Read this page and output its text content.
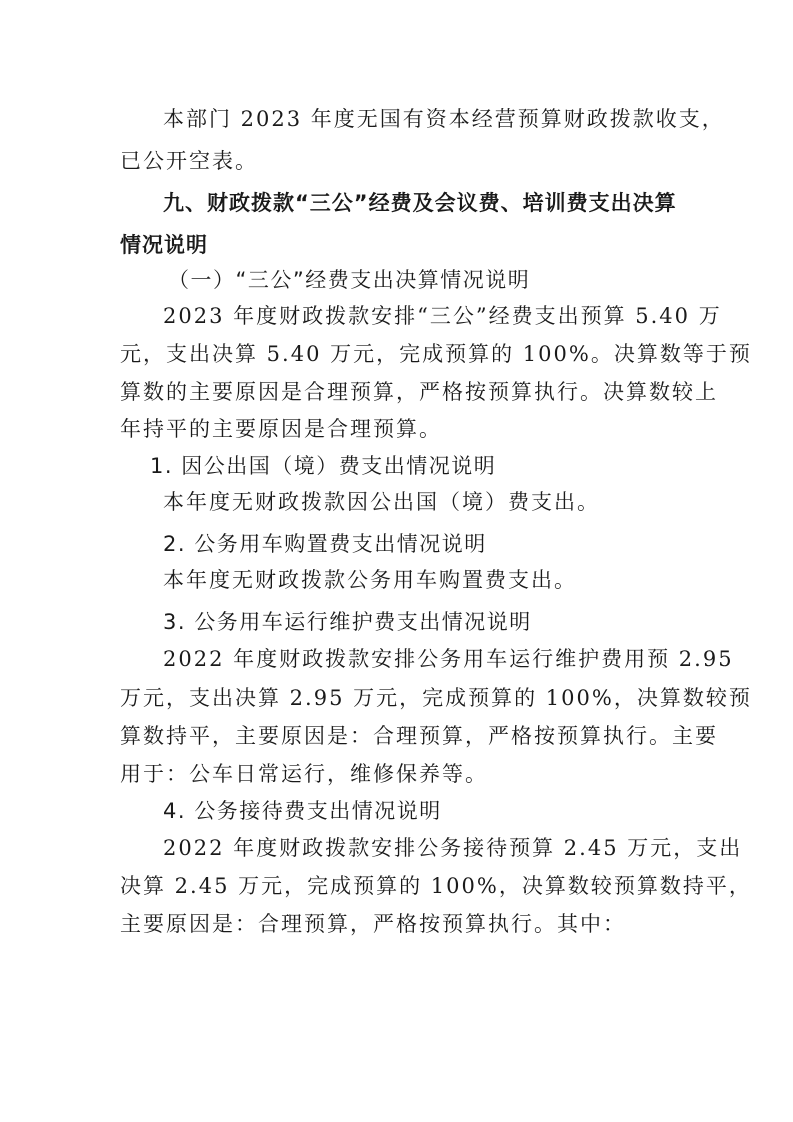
本部门 2023 年度无国有资本经营预算财政拨款收支，
已公开空表。
九、财政拨款“三公”经费及会议费、培训费支出决算
情况说明
（一）“三公”经费支出决算情况说明
2023 年度财政拨款安排“三公”经费支出预算 5.40 万
元，支出决算 5.40 万元，完成预算的 100%。决算数等于预
算数的主要原因是合理预算，严格按预算执行。决算数较上
年持平的主要原因是合理预算。
1. 因公出国（境）费支出情况说明
本年度无财政拨款因公出国（境）费支出。
2. 公务用车购置费支出情况说明
本年度无财政拨款公务用车购置费支出。
3. 公务用车运行维护费支出情况说明
2022 年度财政拨款安排公务用车运行维护费用预 2.95
万元，支出决算 2.95 万元，完成预算的 100%，决算数较预
算数持平，主要原因是：合理预算，严格按预算执行。主要
用于：公车日常运行，维修保养等。
4. 公务接待费支出情况说明
2022 年度财政拨款安排公务接待预算 2.45 万元，支出
决算 2.45 万元，完成预算的 100%，决算数较预算数持平，
主要原因是：合理预算，严格按预算执行。其中：
